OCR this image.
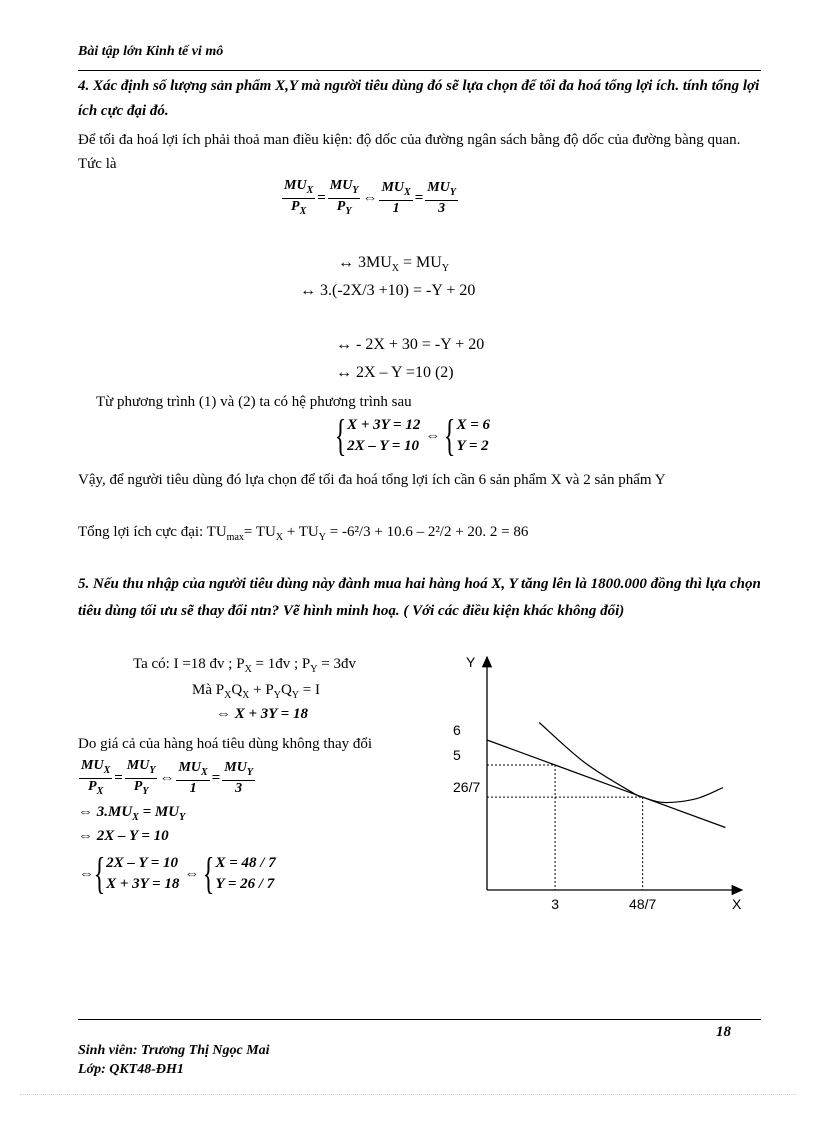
Bài tập lớn Kinh tế vi mô
4. Xác định số lượng sản phẩm X,Y mà người tiêu dùng đó sẽ lựa chọn để tối đa hoá tổng lợi ích. tính tổng lợi ích cực đại đó.
Để tối đa hoá lợi ích phải thoả man điều kiện: độ dốc của đường ngân sách bằng độ dốc của đường bàng quan. Tức là
$\frac{MU_X}{P_X} = \frac{MU_Y}{P_Y}$ ⇔ $\frac{MU_X}{1} = \frac{MU_Y}{3}$
↔ $3MU_X = MU_Y$
↔ 3.(-2X/3 +10) = -Y + 20
↔ - 2X + 30 = -Y + 20
↔ 2X – Y =10 (2)
Từ phương trình (1) và (2) ta có hệ phương trình sau
{ X + 3Y = 12
2X – Y = 10
⇔{ X = 6
Y = 2
Vậy, để người tiêu dùng đó lựa chọn để tối đa hoá tổng lợi ích cần 6 sản phẩm X và 2 sản phẩm Y
Tổng lợi ích cực đại: $TU_{max}= TU_X + TU_Y = -6^2/3 + 10.6 - 2^2/2 + 20$. 2 = 86
5. Nếu thu nhập của người tiêu dùng này đành mua hai hàng hoá X, Y tăng lên là 1800.000 đồng thì lựa chọn tiêu dùng tối ưu sẽ thay đổi ntn? Vẽ hình minh hoạ. ( Với các điều kiện khác không đổi)
Ta có: I =18 đv ; $P_X$ = 1đv ; $P_Y$ = 3đv
Mà $P_XQ_X + P_YQ_Y = I$
⇔ X + 3Y = 18
Do giá cả của hàng hoá tiêu dùng không thay đổi
$\frac{MU_X}{P_X} = \frac{MU_Y}{P_Y}$ ⇔ $\frac{MU_X}{1} = \frac{MU_Y}{3}$
⇔ $3.MU_X = MU_Y$
⇔ 2X – Y = 10
⇔{ 2X – Y = 10
X + 3Y = 18
⇔{ X = 48 / 7
Y = 26 / 7
Y
X
6
5
26/7
3	48/7
18
Sinh viên: Trương Thị Ngọc Mai
Lớp: QKT48-ĐH1
